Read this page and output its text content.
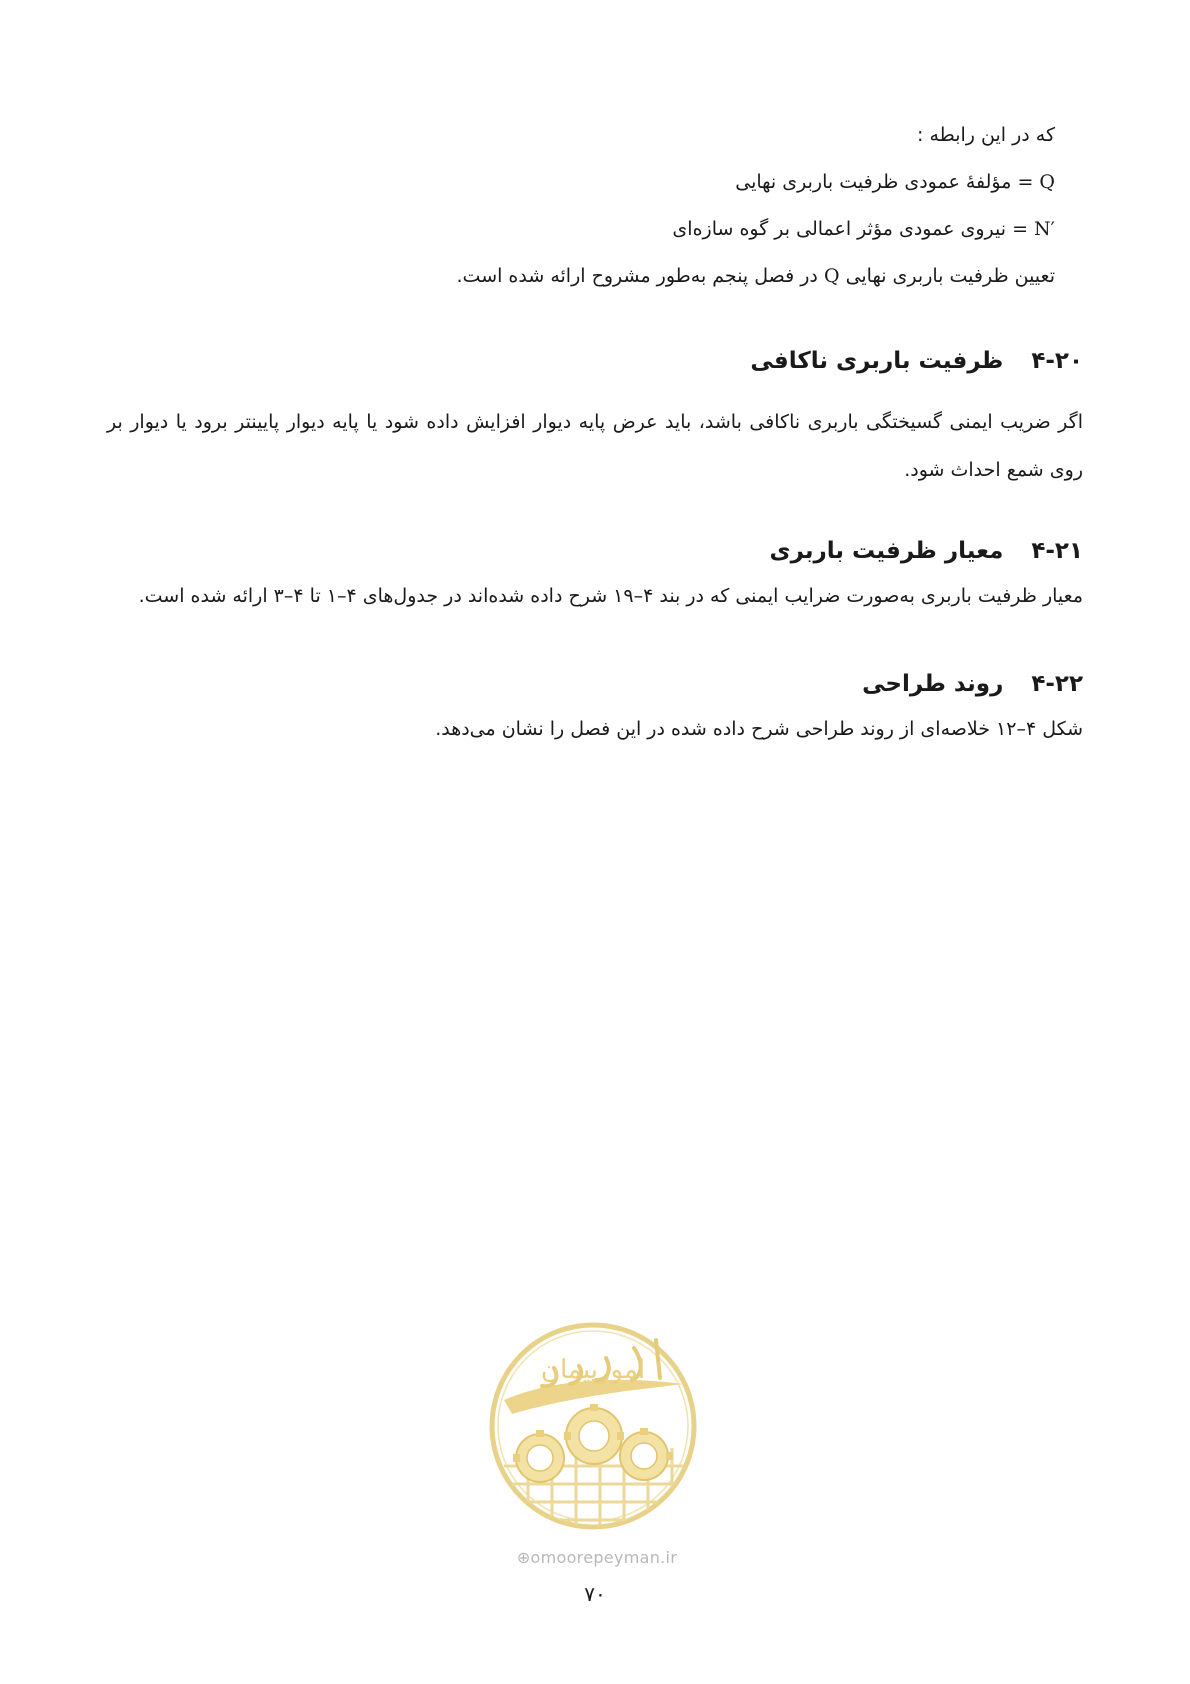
که در این رابطه :
Q = مؤلفهٔ عمودی ظرفیت باربری نهایی
N′ = نیروی عمودی مؤثر اعمالی بر گوه سازه‌ای
تعیین ظرفیت باربری نهایی Q در فصل پنجم به‌طور مشروح ارائه شده است.
۴-۲۰ظرفیت باربری ناکافی
اگر ضریب ایمنی گسیختگی باربری ناکافی باشد، باید عرض پایه دیوار افزایش داده شود یا پایه دیوار پایینتر برود یا دیوار بر روی شمع احداث شود.
۴-۲۱معیار ظرفیت باربری
معیار ظرفیت باربری به‌صورت ضرایب ایمنی که در بند ۴–۱۹ شرح داده شده‌اند در جدول‌های ۴–۱ تا ۴–۳ ارائه شده است.
۴-۲۲روند طراحی
شکل ۴–۱۲ خلاصه‌ای از روند طراحی شرح داده شده در این فصل را نشان می‌دهد.
امورپیمان
⊕omoorepeyman.ir
۷۰
